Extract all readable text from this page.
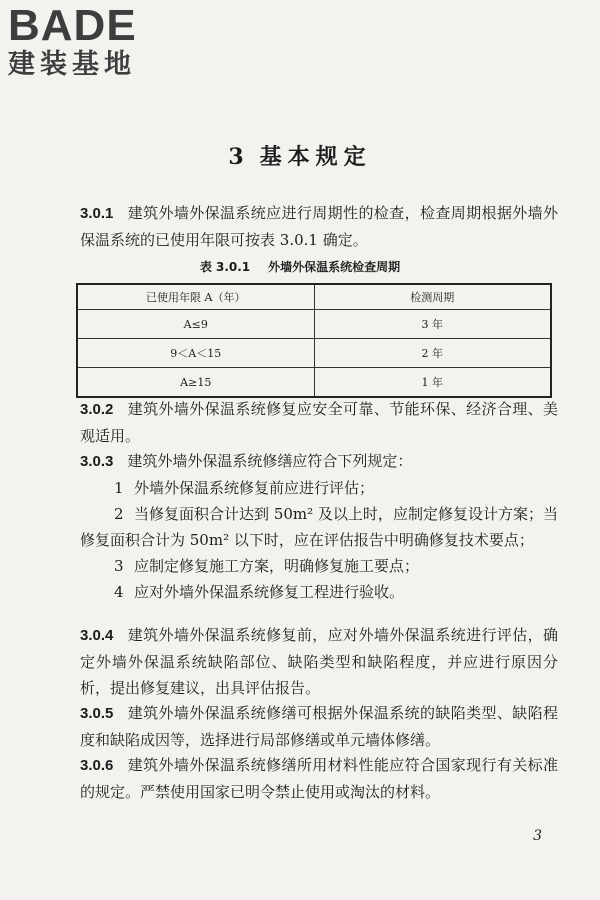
BADE
建装基地
3 基本规定
3.0.1 建筑外墙外保温系统应进行周期性的检查，检查周期根据外墙外保温系统的已使用年限可按表 3.0.1 确定。
表 3.0.1 外墙外保温系统检查周期
已使用年限 A（年）	检测周期
A≤9	3 年
9＜A＜15	2 年
A≥15	1 年
3.0.2 建筑外墙外保温系统修复应安全可靠、节能环保、经济合理、美观适用。
3.0.3 建筑外墙外保温系统修缮应符合下列规定：
1 外墙外保温系统修复前应进行评估；
2 当修复面积合计达到 50m² 及以上时，应制定修复设计方案；当修复面积合计为 50m² 以下时，应在评估报告中明确修复技术要点；
3 应制定修复施工方案，明确修复施工要点；
4 应对外墙外保温系统修复工程进行验收。
3.0.4 建筑外墙外保温系统修复前，应对外墙外保温系统进行评估，确定外墙外保温系统缺陷部位、缺陷类型和缺陷程度，并应进行原因分析，提出修复建议，出具评估报告。
3.0.5 建筑外墙外保温系统修缮可根据外保温系统的缺陷类型、缺陷程度和缺陷成因等，选择进行局部修缮或单元墙体修缮。
3.0.6 建筑外墙外保温系统修缮所用材料性能应符合国家现行有关标准的规定。严禁使用国家已明令禁止使用或淘汰的材料。
3
